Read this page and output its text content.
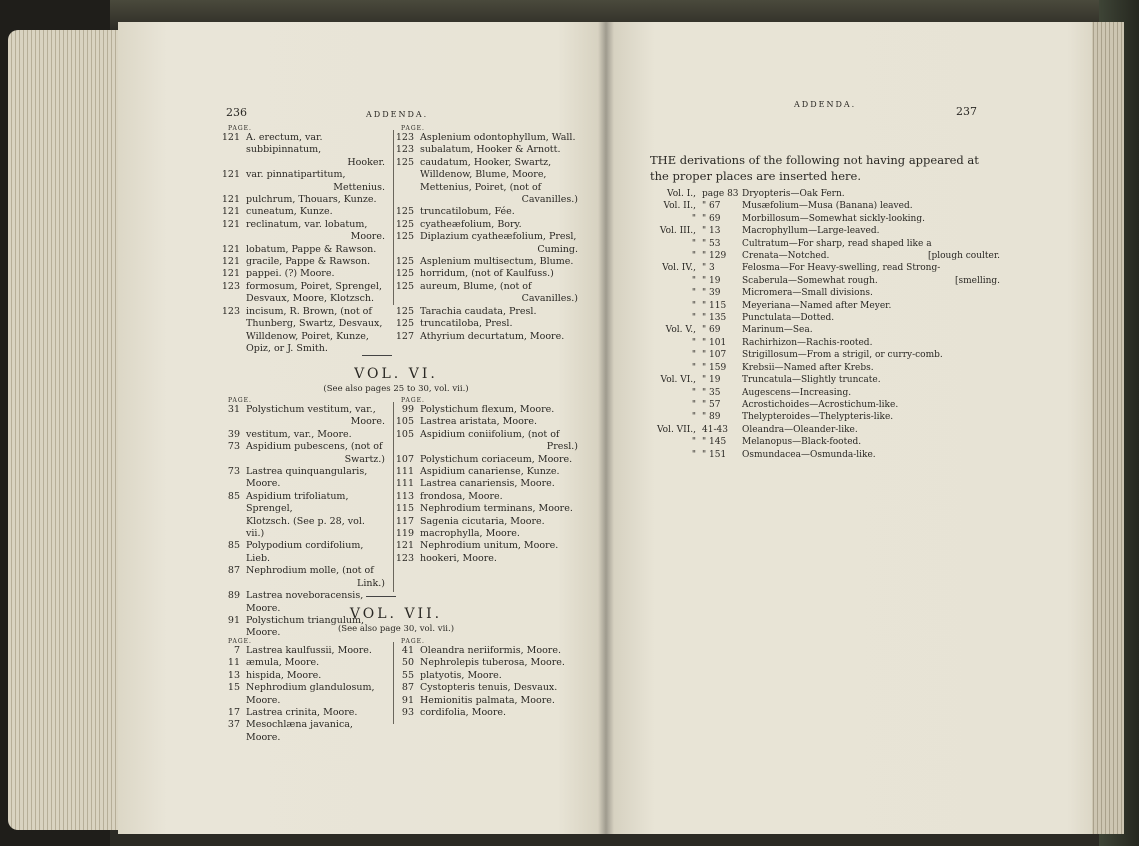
236	ADDENDA.
PAGE.	PAGE.
121 A. erectum, var. subbipinnatum,
Hooker.
121 var. pinnatipartitum,
Mettenius.
121 pulchrum, Thouars, Kunze.
121 cuneatum, Kunze.
121 reclinatum, var. lobatum,
Moore.
121 lobatum, Pappe & Rawson.
121 gracile, Pappe & Rawson.
121 pappei. (?) Moore.
123 formosum, Poiret, Sprengel,
Desvaux, Moore, Klotzsch.
123 incisum, R. Brown, (not of
Thunberg, Swartz, Desvaux,
Willdenow, Poiret, Kunze,
Opiz, or J. Smith.
123 Asplenium odontophyllum, Wall.
123 subalatum, Hooker & Arnott.
125 caudatum, Hooker, Swartz,
Willdenow, Blume, Moore,
Mettenius, Poiret, (not of
Cavanilles.)
125 truncatilobum, Fée.
125 cyatheæfolium, Bory.
125 Diplazium cyatheæfolium, Presl,
Cuming.
125 Asplenium multisectum, Blume.
125 horridum, (not of Kaulfuss.)
125 aureum, Blume, (not of
Cavanilles.)
125 Tarachia caudata, Presl.
125 truncatiloba, Presl.
127 Athyrium decurtatum, Moore.
VOL. VI.
(See also pages 25 to 30, vol. vii.)
PAGE.	PAGE.
31 Polystichum vestitum, var.,
Moore.
39 vestitum, var., Moore.
73 Aspidium pubescens, (not of
Swartz.)
73 Lastrea quinquangularis, Moore.
85 Aspidium trifoliatum, Sprengel,
Klotzsch. (See p. 28, vol. vii.)
85 Polypodium cordifolium, Lieb.
87 Nephrodium molle, (not of
Link.)
89 Lastrea noveboracensis, Moore.
91 Polystichum triangulum, Moore.
99 Polystichum flexum, Moore.
105 Lastrea aristata, Moore.
105 Aspidium coniifolium, (not of
Presl.)
107 Polystichum coriaceum, Moore.
111 Aspidium canariense, Kunze.
111 Lastrea canariensis, Moore.
113 frondosa, Moore.
115 Nephrodium terminans, Moore.
117 Sagenia cicutaria, Moore.
119 macrophylla, Moore.
121 Nephrodium unitum, Moore.
123 hookeri, Moore.
VOL. VII.
(See also page 30, vol. vii.)
PAGE.	PAGE.
7 Lastrea kaulfussii, Moore.
11 æmula, Moore.
13 hispida, Moore.
15 Nephrodium glandulosum, Moore.
17 Lastrea crinita, Moore.
37 Mesochlæna javanica, Moore.
41 Oleandra neriiformis, Moore.
50 Nephrolepis tuberosa, Moore.
55 platyotis, Moore.
87 Cystopteris tenuis, Desvaux.
91 Hemionitis palmata, Moore.
93 cordifolia, Moore.
ADDENDA.
237
THE derivations of the following not having appeared at
the proper places are inserted here.
Vol. I., page 83 Dryopteris—Oak Fern.
Vol. II., " 67	Musæfolium—Musa (Banana) leaved.
" " 69	Morbillosum—Somewhat sickly-looking.
Vol. III., " 13	Macrophyllum—Large-leaved.
" " 53	Cultratum—For sharp, read shaped like a
" " 129	Crenata—Notched.	[plough coulter.
Vol. IV., " 3	Felosma—For Heavy-swelling, read Strong-
" " 19	Scaberula—Somewhat rough.	[smelling.
" " 39	Micromera—Small divisions.
" " 115	Meyeriana—Named after Meyer.
" " 135	Punctulata—Dotted.
Vol. V., " 69	Marinum—Sea.
" " 101	Rachirhizon—Rachis-rooted.
" " 107	Strigillosum—From a strigil, or curry-comb.
" " 159	Krebsii—Named after Krebs.
Vol. VI., " 19	Truncatula—Slightly truncate.
" " 35	Augescens—Increasing.
" " 57	Acrostichoides—Acrostichum-like.
" " 89	Thelypteroides—Thelypteris-like.
Vol. VII., 41-43	Oleandra—Oleander-like.
" " 145	Melanopus—Black-footed.
" " 151	Osmundacea—Osmunda-like.
